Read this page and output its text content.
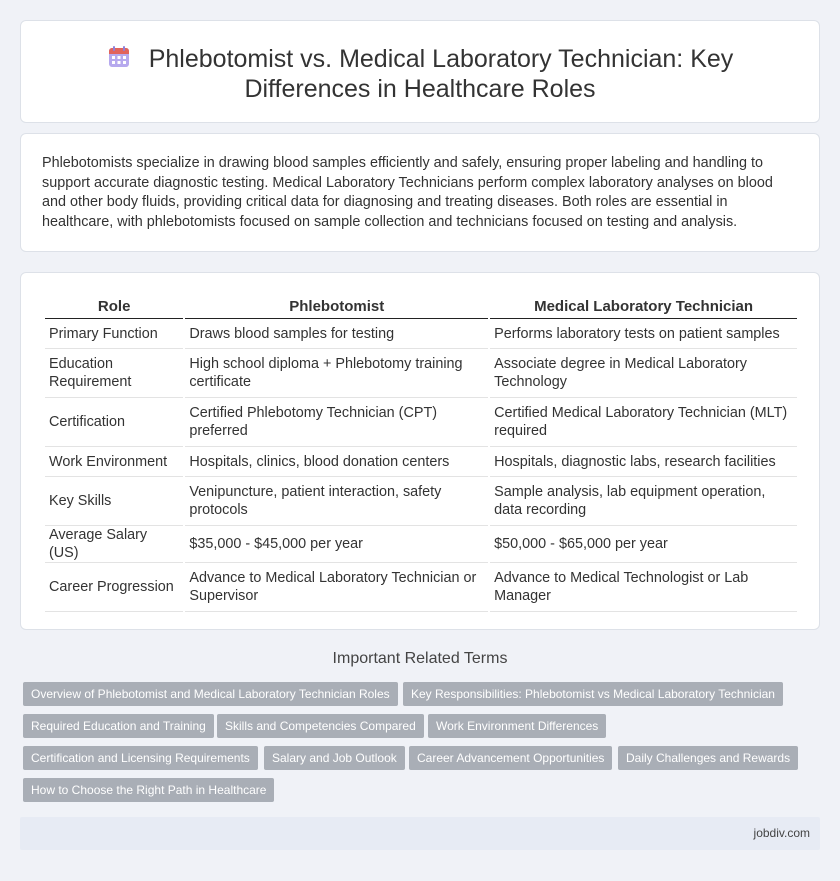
Phlebotomist vs. Medical Laboratory Technician: Key Differences in Healthcare Roles

Phlebotomists specialize in drawing blood samples efficiently and safely, ensuring proper labeling and handling to support accurate diagnostic testing. Medical Laboratory Technicians perform complex laboratory analyses on blood and other body fluids, providing critical data for diagnosing and treating diseases. Both roles are essential in healthcare, with phlebotomists focused on sample collection and technicians focused on testing and analysis.

Role	Phlebotomist	Medical Laboratory Technician
Primary Function	Draws blood samples for testing	Performs laboratory tests on patient samples
Education Requirement	High school diploma + Phlebotomy training certificate	Associate degree in Medical Laboratory Technology
Certification	Certified Phlebotomy Technician (CPT) preferred	Certified Medical Laboratory Technician (MLT) required
Work Environment	Hospitals, clinics, blood donation centers	Hospitals, diagnostic labs, research facilities
Key Skills	Venipuncture, patient interaction, safety protocols	Sample analysis, lab equipment operation, data recording
Average Salary (US)	$35,000 - $45,000 per year	$50,000 - $65,000 per year
Career Progression	Advance to Medical Laboratory Technician or Supervisor	Advance to Medical Technologist or Lab Manager
Important Related Terms
Overview of Phlebotomist and Medical Laboratory Technician Roles	Key Responsibilities: Phlebotomist vs Medical Laboratory Technician
Required Education and Training	Skills and Competencies Compared	Work Environment Differences
Certification and Licensing Requirements	Salary and Job Outlook	Career Advancement Opportunities	Daily Challenges and Rewards
How to Choose the Right Path in Healthcare
jobdiv.com
